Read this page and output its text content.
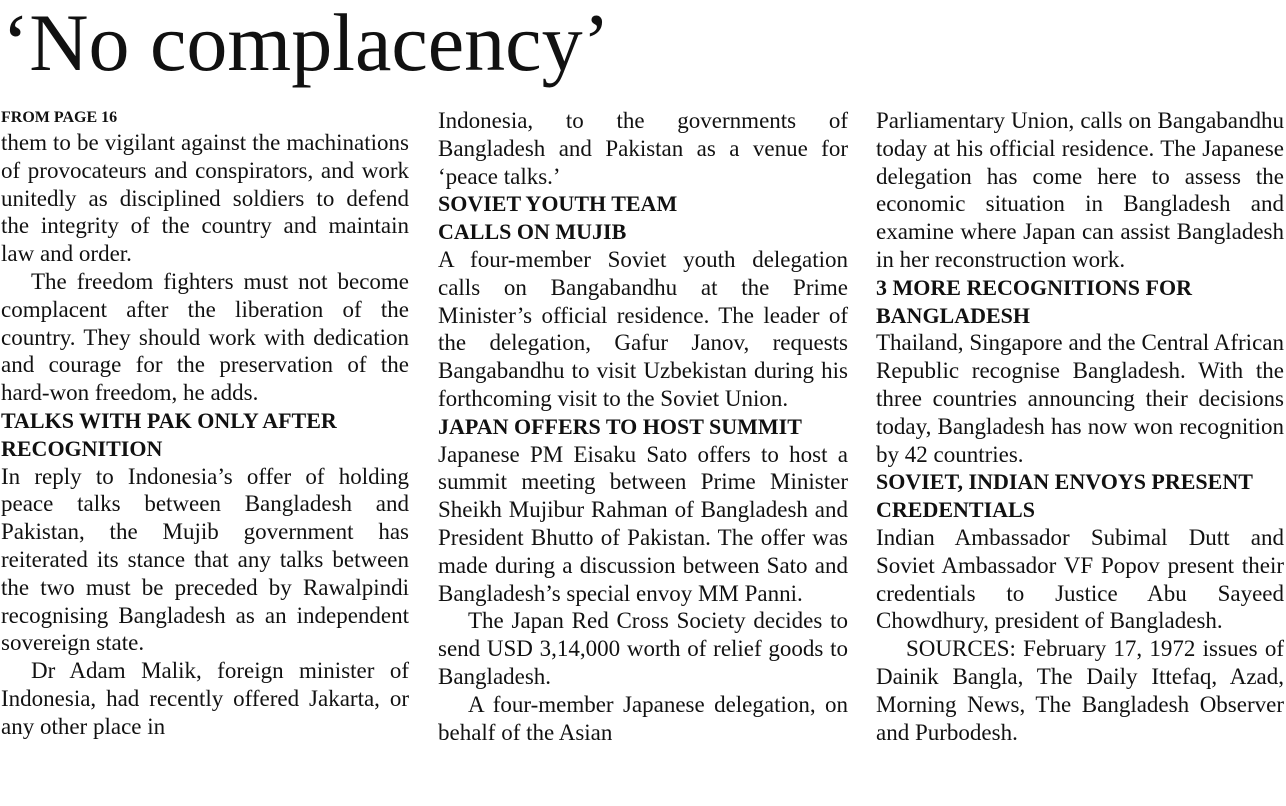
‘No complacency’
FROM PAGE 16

them to be vigilant against the machinations of provocateurs and conspirators, and work unitedly as disciplined soldiers to defend the integrity of the country and maintain law and order.

The freedom fighters must not become complacent after the liberation of the country. They should work with dedication and courage for the preservation of the hard-won freedom, he adds.

TALKS WITH PAK ONLY AFTER RECOGNITION

In reply to Indonesia’s offer of holding peace talks between Bangladesh and Pakistan, the Mujib government has reiterated its stance that any talks between the two must be preceded by Rawalpindi recognising Bangladesh as an independent sovereign state.

Dr Adam Malik, foreign minister of Indonesia, had recently offered Jakarta, or any other place in

Indonesia, to the governments of Bangladesh and Pakistan as a venue for ‘peace talks.’

SOVIET YOUTH TEAM
CALLS ON MUJIB

A four-member Soviet youth delegation calls on Bangabandhu at the Prime Minister’s official residence. The leader of the delegation, Gafur Janov, requests Bangabandhu to visit Uzbekistan during his forthcoming visit to the Soviet Union.

JAPAN OFFERS TO HOST SUMMIT

Japanese PM Eisaku Sato offers to host a summit meeting between Prime Minister Sheikh Mujibur Rahman of Bangladesh and President Bhutto of Pakistan. The offer was made during a discussion between Sato and Bangladesh’s special envoy MM Panni.

The Japan Red Cross Society decides to send USD 3,14,000 worth of relief goods to Bangladesh.

A four-member Japanese delegation, on behalf of the Asian

Parliamentary Union, calls on Bangabandhu today at his official residence. The Japanese delegation has come here to assess the economic situation in Bangladesh and examine where Japan can assist Bangladesh in her reconstruction work.

3 MORE RECOGNITIONS FOR BANGLADESH

Thailand, Singapore and the Central African Republic recognise Bangladesh. With the three countries announcing their decisions today, Bangladesh has now won recognition by 42 countries.

SOVIET, INDIAN ENVOYS PRESENT CREDENTIALS

Indian Ambassador Subimal Dutt and Soviet Ambassador VF Popov present their credentials to Justice Abu Sayeed Chowdhury, president of Bangladesh.

SOURCES: February 17, 1972 issues of Dainik Bangla, The Daily Ittefaq, Azad, Morning News, The Bangladesh Observer and Purbodesh.
